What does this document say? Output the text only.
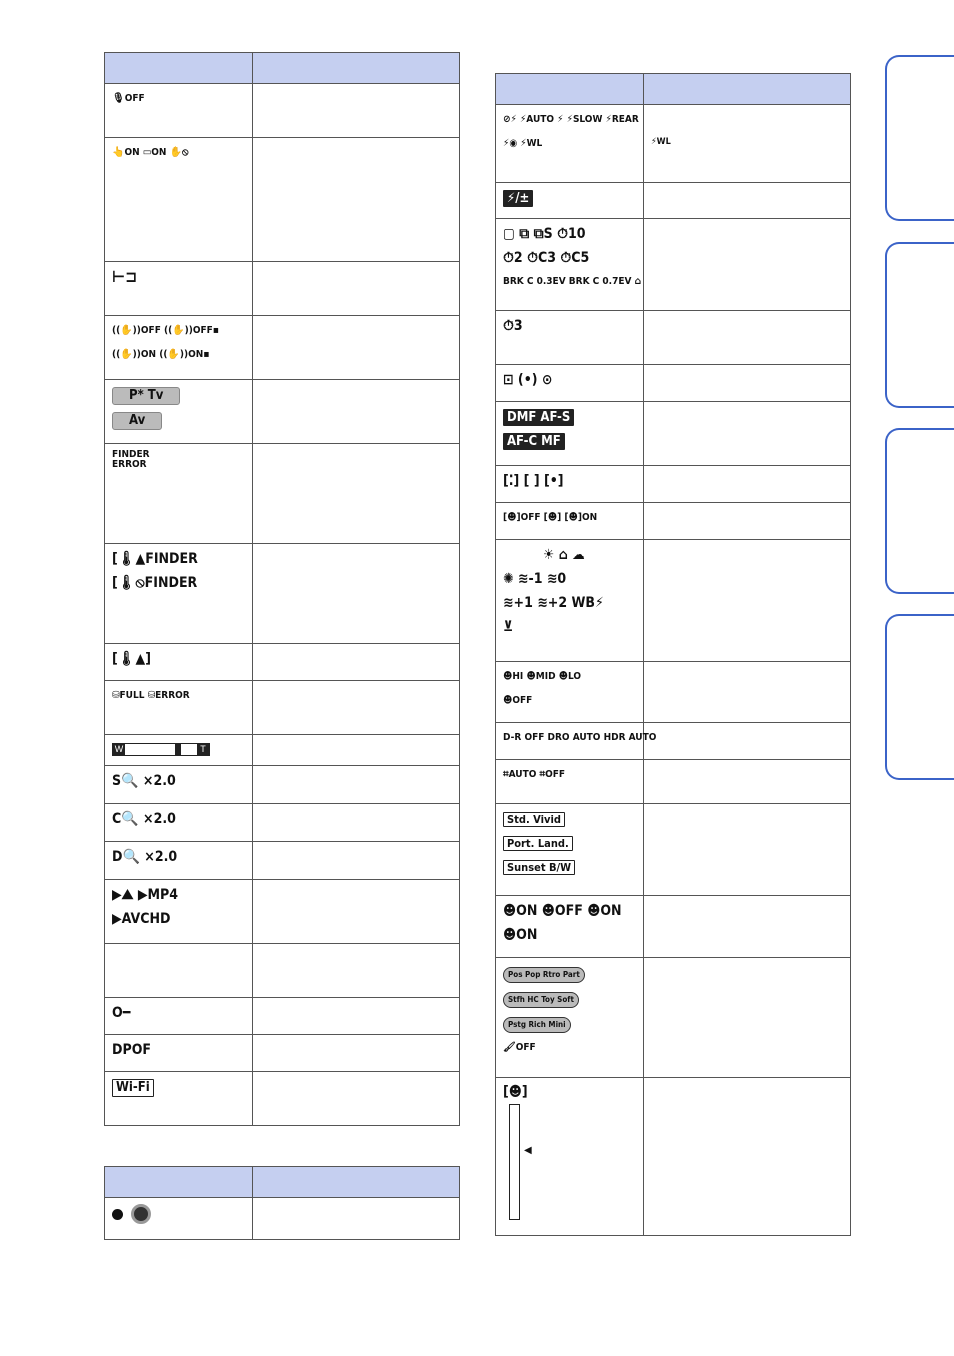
🎙OFF	

👆ON ▭ON ✋⦸	

⊢⊐	

((✋))OFF ((✋))OFF▪
((✋))ON ((✋))ON▪	

P* Tv
Av	

FINDER
ERROR	

[🌡▲FINDER
[🌡⦸FINDER	

[🌡▲]	

⛁FULL ⛁ERROR	

W T	

S🔍 ×2.0	

C🔍 ×2.0	

D🔍 ×2.0	

▶⛰ ▶MP4
▶AVCHD	

O━	

DPOF	

Wi-Fi	

⊘⚡ ⚡AUTO ⚡ ⚡SLOW ⚡REAR
⚡◉ ⚡WL	⚡WL

⚡/±	

▢ ⧉ ⧉S ⏱10
⏱2 ⏱C3 ⏱C5
BRK C 0.3EV BRK C 0.7EV ⌂	

⏱3	

⊡ (•) ⊙	

DMF AF-S
AF-C MF	

[⁚] [ ] [•]	

[☻]OFF [☻] [☻]ON	

☀ ⌂ ☁
✺ ≋-1 ≋0
≋+1 ≋+2 WB⚡
⊻	

☻HI ☻MID ☻LO
☻OFF	

D-R OFF DRO AUTO HDR AUTO	

⌗AUTO ⌗OFF	

Std. Vivid
Port. Land.
Sunset B/W	

☻ON ☻OFF ☻ON
☻ON	

Pos Pop Rtro Part
Stfh HC Toy Soft
Pstg Rich Mini
🖌OFF	

[☻]
◀	
